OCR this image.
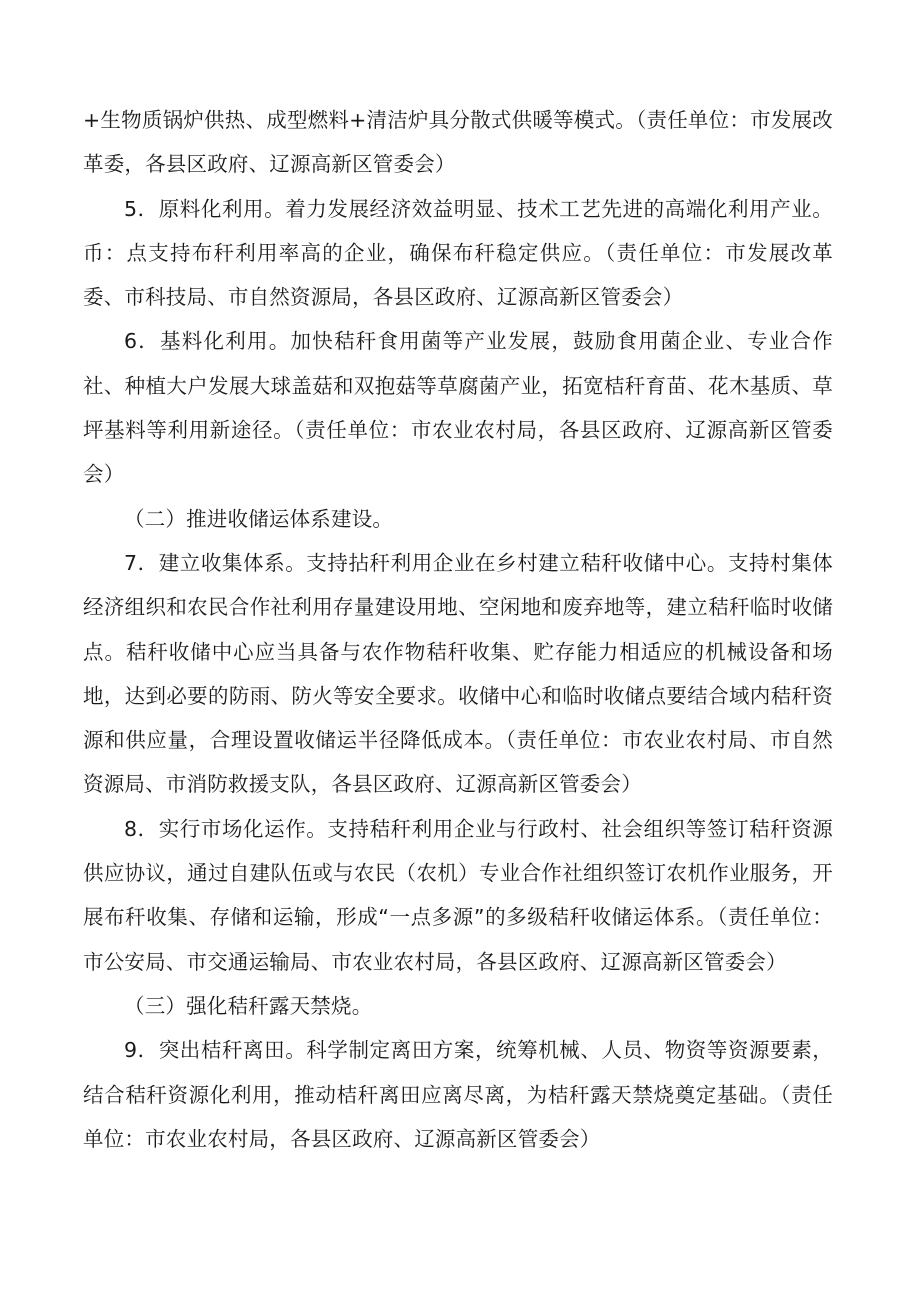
+生物质锅炉供热、成型燃料+清洁炉具分散式供暖等模式。（责任单位：市发展改革委，各县区政府、辽源高新区管委会）

5．原料化利用。着力发展经济效益明显、技术工艺先进的高端化利用产业。币：点支持布秆利用率高的企业，确保布秆稳定供应。（责任单位：市发展改革委、市科技局、市自然资源局，各县区政府、辽源高新区管委会）

6．基料化利用。加快秸秆食用菌等产业发展，鼓励食用菌企业、专业合作社、种植大户发展大球盖菇和双抱菇等草腐菌产业，拓宽桔秆育苗、花木基质、草坪基料等利用新途径。（责任单位：市农业农村局，各县区政府、辽源高新区管委会）

（二）推进收储运体系建设。

7．建立收集体系。支持拈秆利用企业在乡村建立秸秆收储中心。支持村集体经济组织和农民合作社利用存量建设用地、空闲地和废弃地等，建立秸秆临时收储点。秸秆收储中心应当具备与农作物秸秆收集、贮存能力相适应的机械设备和场地，达到必要的防雨、防火等安全要求。收储中心和临时收储点要结合域内秸秆资源和供应量，合理设置收储运半径降低成本。（责任单位：市农业农村局、市自然资源局、市消防救援支队，各县区政府、辽源高新区管委会）

8．实行市场化运作。支持秸秆利用企业与行政村、社会组织等签订秸秆资源供应协议，通过自建队伍或与农民（农机）专业合作社组织签订农机作业服务，开展布秆收集、存储和运输，形成“一点多源”的多级秸秆收储运体系。（责任单位：市公安局、市交通运输局、市农业农村局，各县区政府、辽源高新区管委会）

（三）强化秸秆露天禁烧。

9．突出桔秆离田。科学制定离田方案，统筹机械、人员、物资等资源要素，结合秸秆资源化利用，推动桔秆离田应离尽离，为桔秆露天禁烧奠定基础。（责任单位：市农业农村局，各县区政府、辽源高新区管委会）
